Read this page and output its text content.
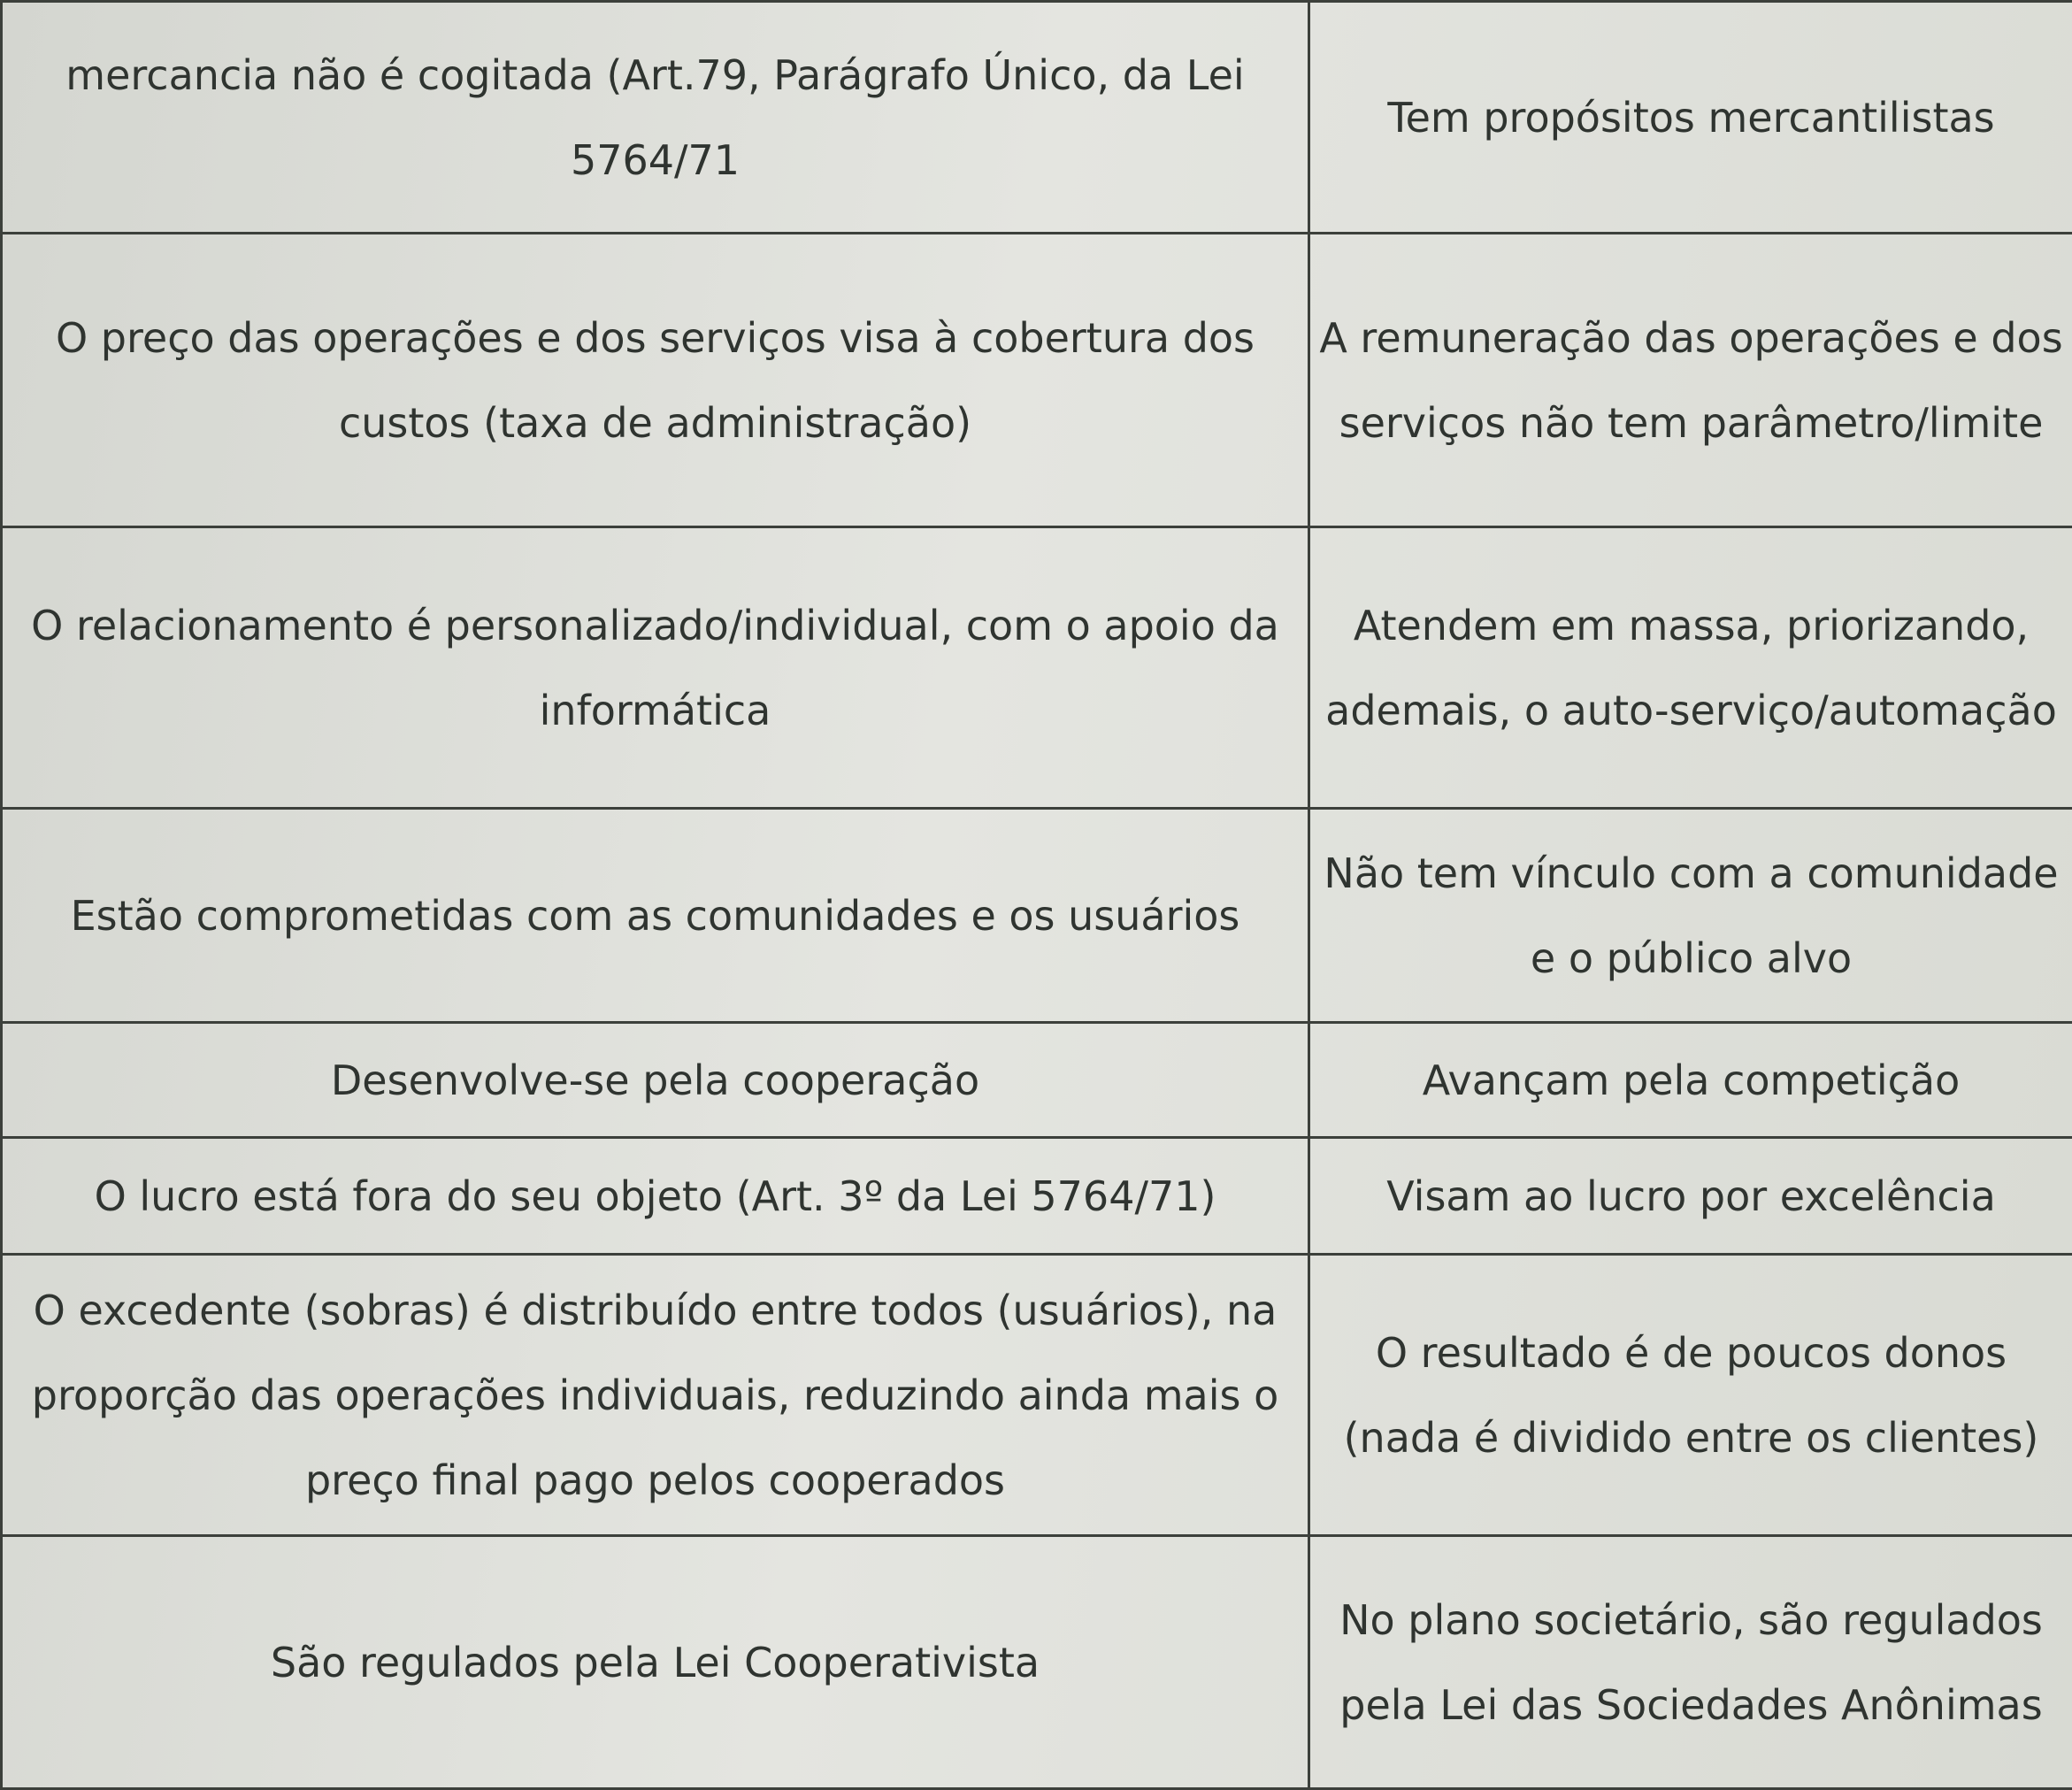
mercancia não é cogitada (Art.79, Parágrafo Único, da Lei 5764/71	Tem propósitos mercantilistas
O preço das operações e dos serviços visa à cobertura dos custos (taxa de administração)	A remuneração das operações e dos serviços não tem parâmetro/limite
O relacionamento é personalizado/individual, com o apoio da informática	Atendem em massa, priorizando, ademais, o auto-serviço/automação
Estão comprometidas com as comunidades e os usuários	Não tem vínculo com a comunidade e o público alvo
Desenvolve-se pela cooperação	Avançam pela competição
O lucro está fora do seu objeto (Art. 3º da Lei 5764/71)	Visam ao lucro por excelência
O excedente (sobras) é distribuído entre todos (usuários), na proporção das operações individuais, reduzindo ainda mais o preço final pago pelos cooperados	O resultado é de poucos donos (nada é dividido entre os clientes)
São regulados pela Lei Cooperativista	No plano societário, são regulados pela Lei das Sociedades Anônimas
